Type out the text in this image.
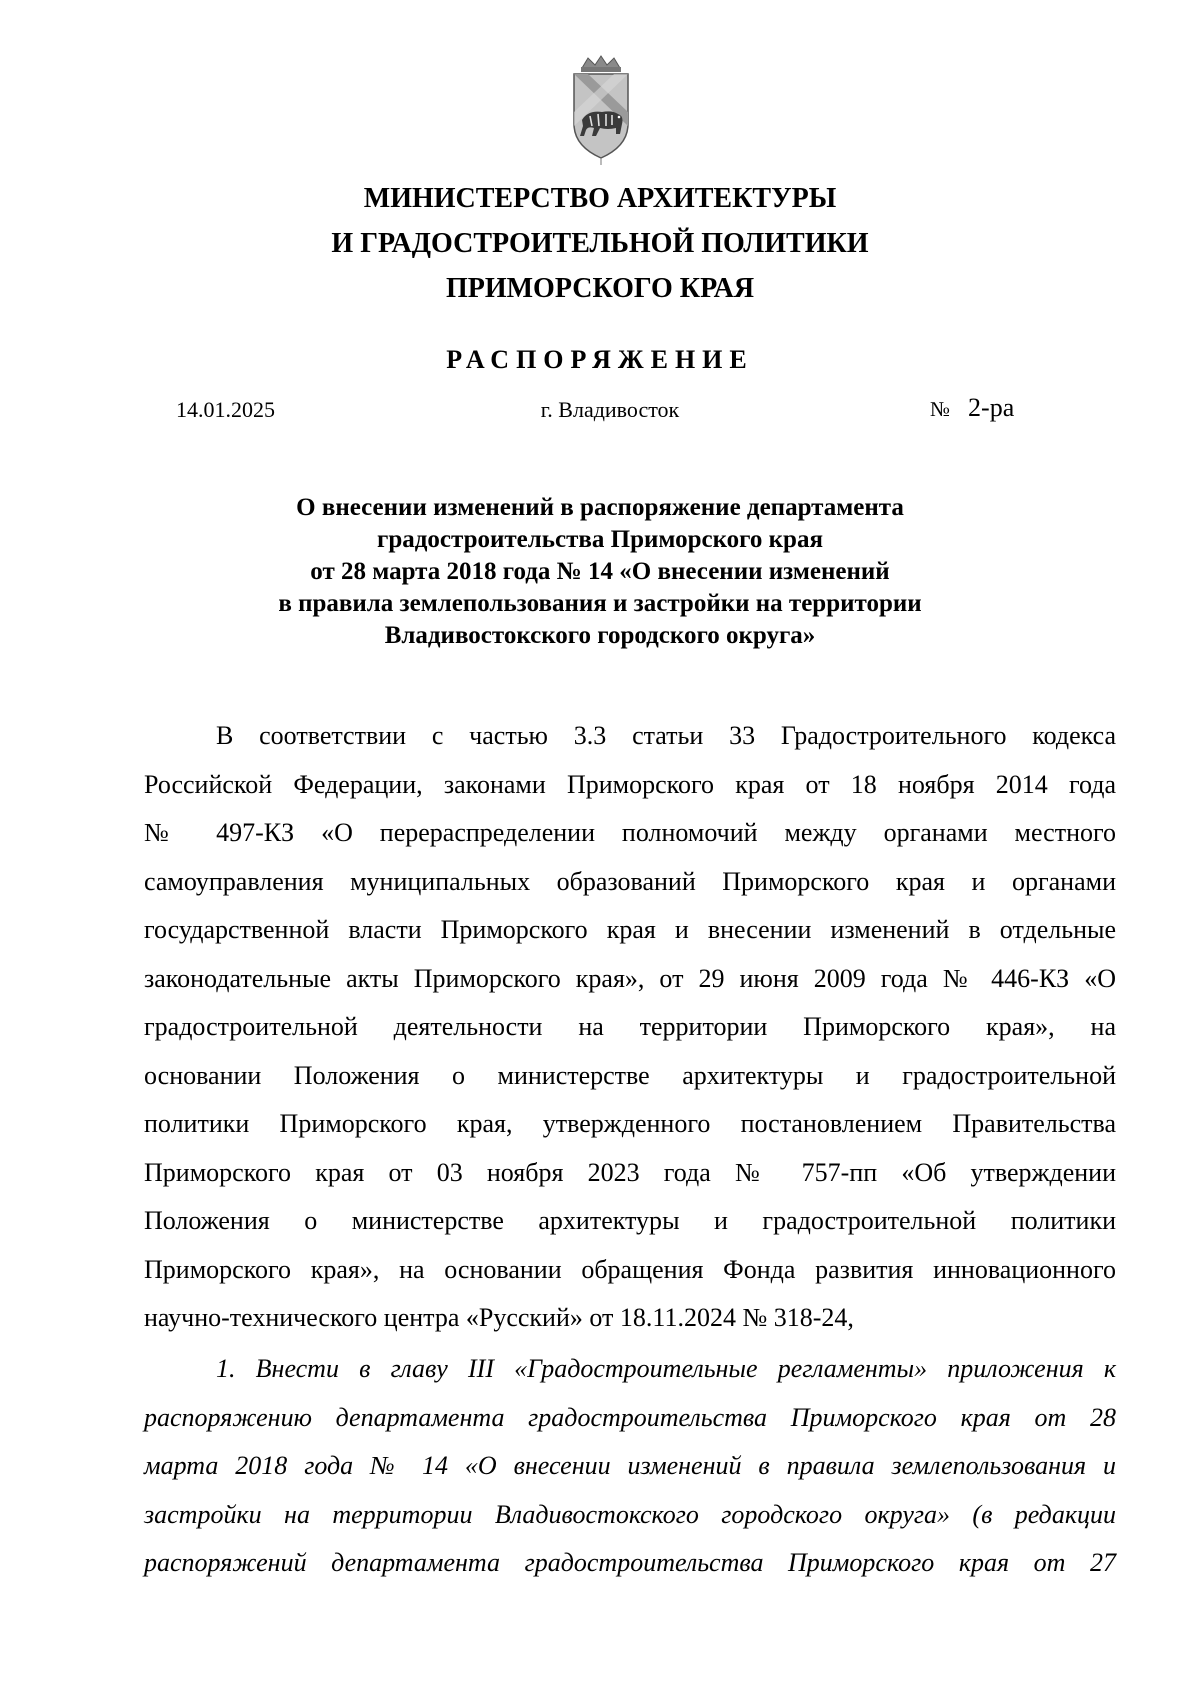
МИНИСТЕРСТВО АРХИТЕКТУРЫ
И ГРАДОСТРОИТЕЛЬНОЙ ПОЛИТИКИ
ПРИМОРСКОГО КРАЯ
РАСПОРЯЖЕНИЕ
14.01.2025	г. Владивосток	№ 2-ра
О внесении изменений в распоряжение департамента
градостроительства Приморского края
от 28 марта 2018 года № 14 «О внесении изменений
в правила землепользования и застройки на территории
Владивостокского городского округа»
В соответствии с частью 3.3 статьи 33 Градостроительного кодекса
Российской Федерации, законами Приморского края от 18 ноября 2014 года
№ 497-КЗ «О перераспределении полномочий между органами местного
самоуправления муниципальных образований Приморского края и органами
государственной власти Приморского края и внесении изменений в отдельные
законодательные акты Приморского края», от 29 июня 2009 года № 446-КЗ «О
градостроительной деятельности на территории Приморского края», на
основании Положения о министерстве архитектуры и градостроительной
политики Приморского края, утвержденного постановлением Правительства
Приморского края от 03 ноября 2023 года № 757-пп «Об утверждении
Положения о министерстве архитектуры и градостроительной политики
Приморского края», на основании обращения Фонда развития инновационного
научно-технического центра «Русский» от 18.11.2024 № 318-24,
1. Внести в главу III «Градостроительные регламенты» приложения к
распоряжению департамента градостроительства Приморского края от 28
марта 2018 года № 14 «О внесении изменений в правила землепользования и
застройки на территории Владивостокского городского округа» (в редакции
распоряжений департамента градостроительства Приморского края от 27
